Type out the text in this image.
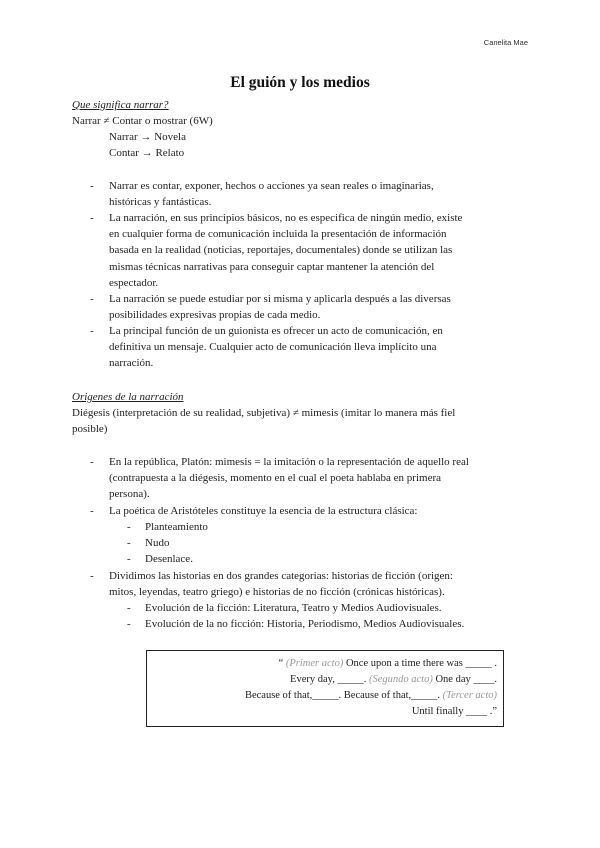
Canelita Mae
El guión y los medios
Que significa narrar?
Narrar ≠ Contar o mostrar (6W)
Narrar → Novela
Contar → Relato
- Narrar es contar, exponer, hechos o acciones ya sean reales o imaginarias,
históricas y fantásticas.
- La narración, en sus principios básicos, no es especifica de ningún medio, existe
en cualquier forma de comunicación incluida la presentación de información
basada en la realidad (noticias, reportajes, documentales) donde se utilizan las
mismas técnicas narrativas para conseguir captar mantener la atención del
espectador.
- La narración se puede estudiar por si misma y aplicarla después a las diversas
posibilidades expresivas propias de cada medio.
- La principal función de un guionista es ofrecer un acto de comunicación, en
definitiva un mensaje. Cualquier acto de comunicación lleva implícito una
narración.
Origenes de la narración
Diégesis (interpretación de su realidad, subjetiva) ≠ mimesis (imitar lo manera más fiel
posible)
- En la república, Platón: mimesis = la imitación o la representación de aquello real
(contrapuesta a la diégesis, momento en el cual el poeta hablaba en primera
persona).
- La poética de Aristóteles constituye la esencia de la estructura clásica:
- Planteamiento
- Nudo
- Desenlace.
- Dividimos las historias en dos grandes categorias: historias de ficción (origen:
mitos, leyendas, teatro griego) e historias de no ficción (crónicas históricas).
- Evolución de la ficción: Literatura, Teatro y Medios Audiovisuales.
- Evolución de la no ficción: Historia, Periodismo, Medios Audiovisuales.
“ (Primer acto) Once upon a time there was _____ .
Every day, _____. (Segundo acto) One day ____.
Because of that,_____. Because of that,_____. (Tercer acto)
Until finally ____ .”
